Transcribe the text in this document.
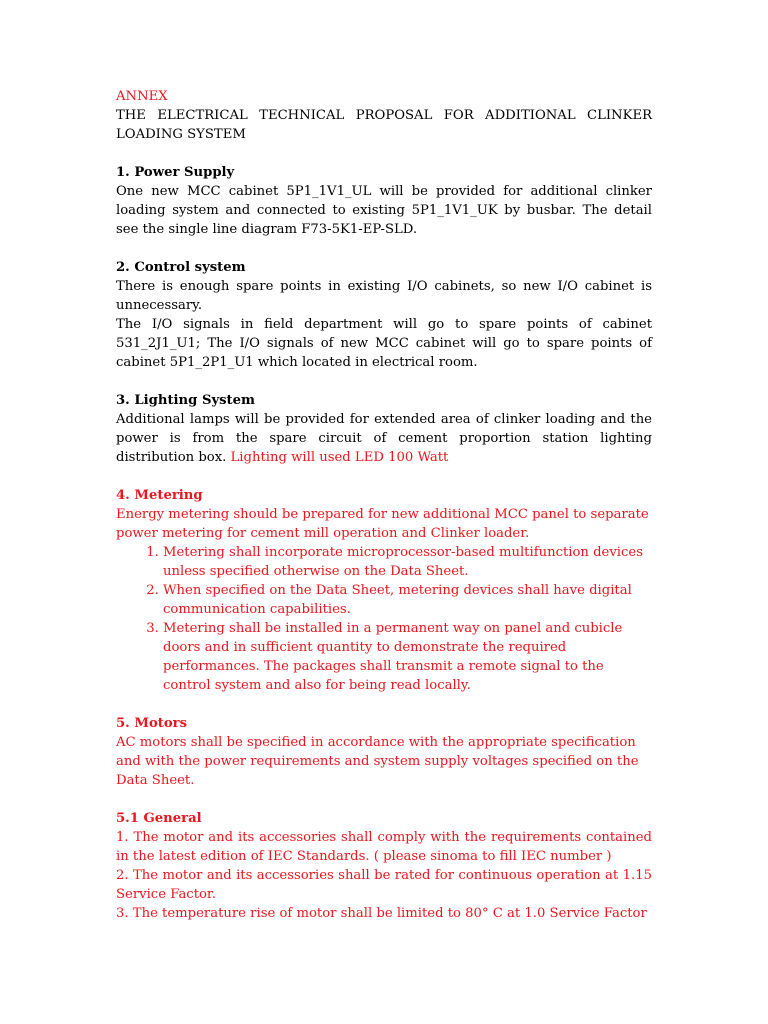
ANNEX

THE ELECTRICAL TECHNICAL PROPOSAL FOR ADDITIONAL CLINKER LOADING SYSTEM

1. Power Supply

One new MCC cabinet 5P1_1V1_UL will be provided for additional clinker loading system and connected to existing 5P1_1V1_UK by busbar. The detail see the single line diagram F73-5K1-EP-SLD.

2. Control system

There is enough spare points in existing I/O cabinets, so new I/O cabinet is unnecessary.

The I/O signals in field department will go to spare points of cabinet 531_2J1_U1; The I/O signals of new MCC cabinet will go to spare points of cabinet 5P1_2P1_U1 which located in electrical room.

3. Lighting System

Additional lamps will be provided for extended area of clinker loading and the power is from the spare circuit of cement proportion station lighting distribution box. Lighting will used LED 100 Watt

4. Metering

Energy metering should be prepared for new additional MCC panel to separate power metering for cement mill operation and Clinker loader.

1. Metering shall incorporate microprocessor-based multifunction devices unless specified otherwise on the Data Sheet.
2. When specified on the Data Sheet, metering devices shall have digital communication capabilities.
3. Metering shall be installed in a permanent way on panel and cubicle doors and in sufficient quantity to demonstrate the required performances. The packages shall transmit a remote signal to the control system and also for being read locally.

5. Motors

AC motors shall be specified in accordance with the appropriate specification and with the power requirements and system supply voltages specified on the Data Sheet.

5.1 General

1. The motor and its accessories shall comply with the requirements contained in the latest edition of IEC Standards. ( please sinoma to fill IEC number )

2. The motor and its accessories shall be rated for continuous operation at 1.15 Service Factor.

3. The temperature rise of motor shall be limited to 80° C at 1.0 Service Factor
